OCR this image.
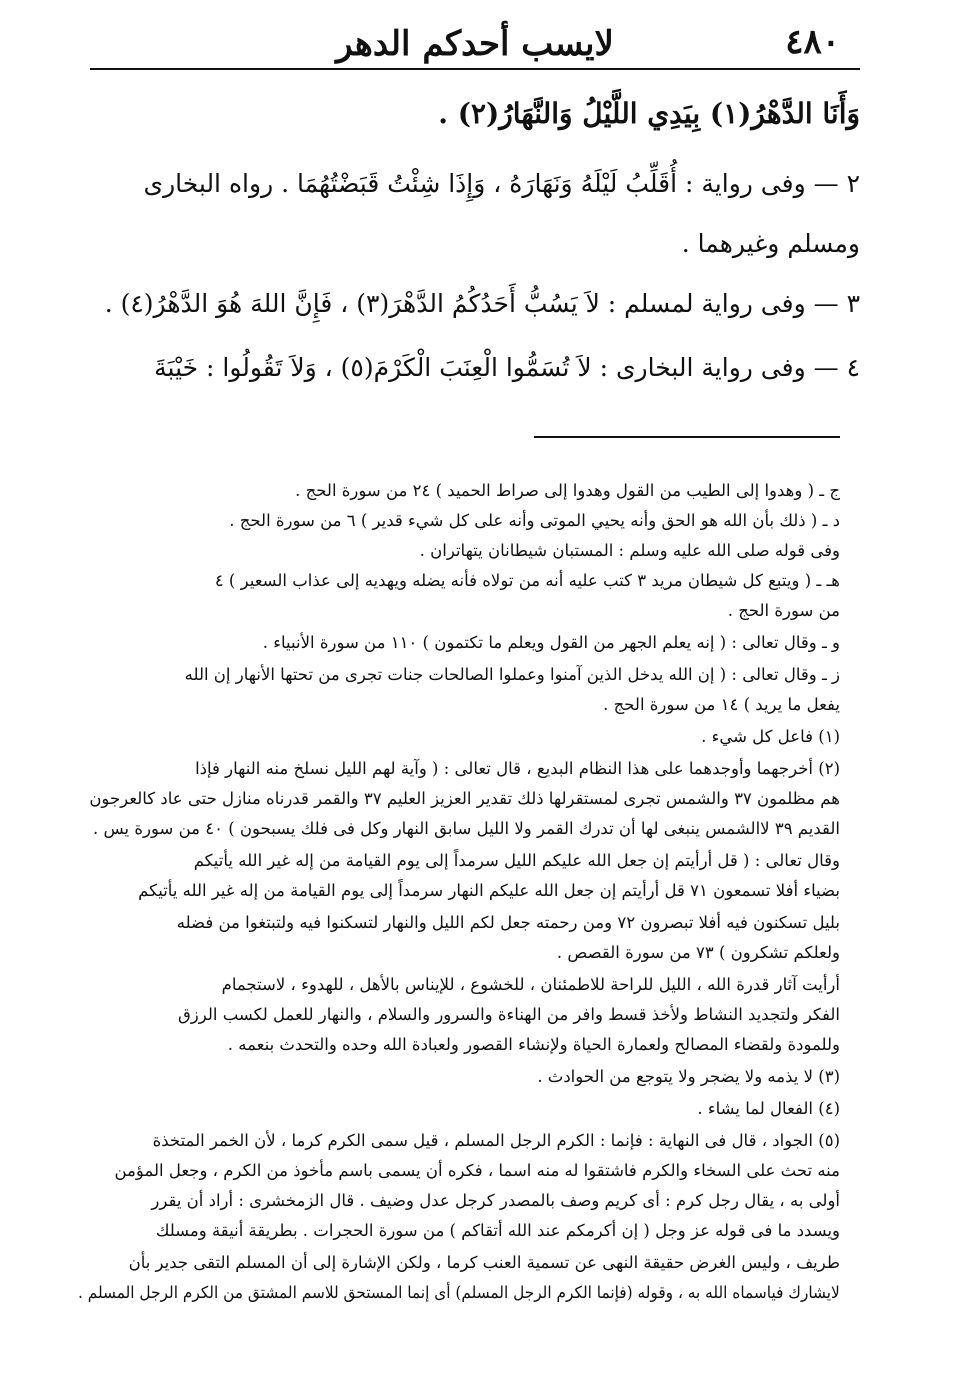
٤٨٠
لايسب أحدكم الدهر
وَأَنَا الدَّهْرُ(١) بِيَدِي اللَّيْلُ وَالنَّهَارُ(٢) .
٢ — وفى رواية : أُقَلِّبُ لَيْلَهُ وَنَهَارَهُ ، وَإِذَا شِئْتُ قَبَضْتُهُمَا . رواه البخارى
ومسلم وغيرهما .
٣ — وفى رواية لمسلم : لاَ يَسُبُّ أَحَدُكُمُ الدَّهْرَ(٣) ، فَإِنَّ اللهَ هُوَ الدَّهْرُ(٤) .
٤ — وفى رواية البخارى : لاَ تُسَمُّوا الْعِنَبَ الْكَرْمَ(٥) ، وَلاَ تَقُولُوا : خَيْبَةَ
ج ـ ( وهدوا إلى الطيب من القول وهدوا إلى صراط الحميد ) ٢٤ من سورة الحج .
د ـ ( ذلك بأن الله هو الحق وأنه يحيي الموتى وأنه على كل شيء قدير ) ٦ من سورة الحج .
وفى قوله صلى الله عليه وسلم : المستبان شيطانان يتهاتران .
هـ ـ ( ويتبع كل شيطان مريد ٣ كتب عليه أنه من تولاه فأنه يضله ويهديه إلى عذاب السعير ) ٤
من سورة الحج .
و ـ وقال تعالى : ( إنه يعلم الجهر من القول ويعلم ما تكتمون ) ١١٠ من سورة الأنبياء .
ز ـ وقال تعالى : ( إن الله يدخل الذين آمنوا وعملوا الصالحات جنات تجرى من تحتها الأنهار إن الله
يفعل ما يريد ) ١٤ من سورة الحج .
(١) فاعل كل شيء .
(٢) أخرجهما وأوجدهما على هذا النظام البديع ، قال تعالى : ( وآية لهم الليل نسلخ منه النهار فإذا
هم مظلمون ٣٧ والشمس تجرى لمستقرلها ذلك تقدير العزيز العليم ٣٧ والقمر قدرناه منازل حتى عاد كالعرجون
القديم ٣٩ لاالشمس ينبغى لها أن تدرك القمر ولا الليل سابق النهار وكل فى فلك يسبحون ) ٤٠ من سورة يس .
وقال تعالى : ( قل أرأيتم إن جعل الله عليكم الليل سرمداً إلى يوم القيامة من إله غير الله يأتيكم
بضياء أفلا تسمعون ٧١ قل أرأيتم إن جعل الله عليكم النهار سرمداً إلى يوم القيامة من إله غير الله يأتيكم
بليل تسكنون فيه أفلا تبصرون ٧٢ ومن رحمته جعل لكم الليل والنهار لتسكنوا فيه ولتبتغوا من فضله
ولعلكم تشكرون ) ٧٣ من سورة القصص .
أرأيت آثار قدرة الله ، الليل للراحة للاطمئنان ، للخشوع ، للإيناس بالأهل ، للهدوء ، لاستجمام
الفكر ولتجديد النشاط ولأخذ قسط وافر من الهناءة والسرور والسلام ، والنهار للعمل لكسب الرزق
وللمودة ولقضاء المصالح ولعمارة الحياة ولإنشاء القصور ولعبادة الله وحده والتحدث بنعمه .
(٣) لا يذمه ولا يضجر ولا يتوجع من الحوادث .
(٤) الفعال لما يشاء .
(٥) الجواد ، قال فى النهاية : فإنما : الكرم الرجل المسلم ، قيل سمى الكرم كرما ، لأن الخمر المتخذة
منه تحث على السخاء والكرم فاشتقوا له منه اسما ، فكره أن يسمى باسم مأخوذ من الكرم ، وجعل المؤمن
أولى به ، يقال رجل كرم : أى كريم وصف بالمصدر كرجل عدل وضيف . قال الزمخشرى : أراد أن يقرر
ويسدد ما فى قوله عز وجل ( إن أكرمكم عند الله أتقاكم ) من سورة الحجرات . بطريقة أنيقة ومسلك
طريف ، وليس الغرض حقيقة النهى عن تسمية العنب كرما ، ولكن الإشارة إلى أن المسلم التقى جدير بأن
لايشارك فياسماه الله به ، وقوله (فإنما الكرم الرجل المسلم) أى إنما المستحق للاسم المشتق من الكرم الرجل المسلم .
